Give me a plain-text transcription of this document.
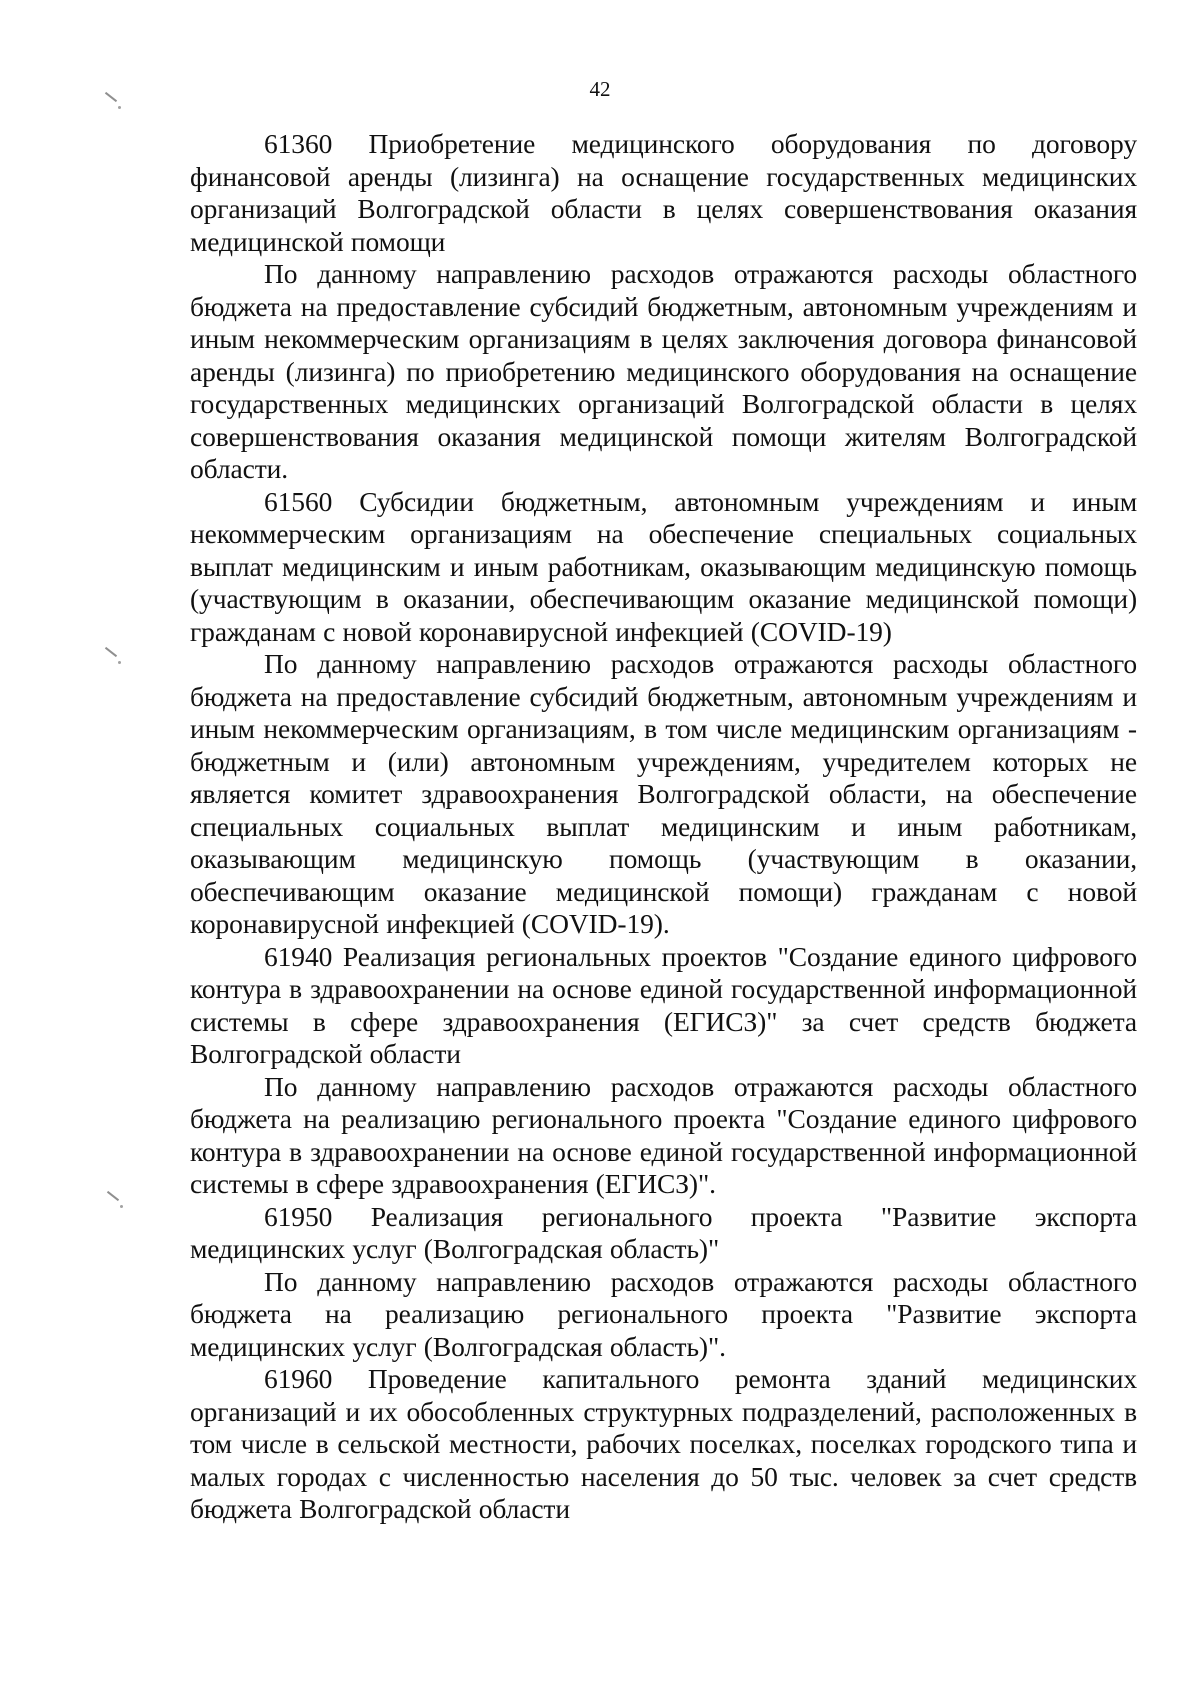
42

61360 Приобретение медицинского оборудования по договору финансовой аренды (лизинга) на оснащение государственных медицинских организаций Волгоградской области в целях совершенствования оказания медицинской помощи

По данному направлению расходов отражаются расходы областного бюджета на предоставление субсидий бюджетным, автономным учреждениям и иным некоммерческим организациям в целях заключения договора финансовой аренды (лизинга) по приобретению медицинского оборудования на оснащение государственных медицинских организаций Волгоградской области в целях совершенствования оказания медицинской помощи жителям Волгоградской области.

61560 Субсидии бюджетным, автономным учреждениям и иным некоммерческим организациям на обеспечение специальных социальных выплат медицинским и иным работникам, оказывающим медицинскую помощь (участвующим в оказании, обеспечивающим оказание медицинской помощи) гражданам с новой коронавирусной инфекцией (COVID-19)

По данному направлению расходов отражаются расходы областного бюджета на предоставление субсидий бюджетным, автономным учреждениям и иным некоммерческим организациям, в том числе медицинским организациям - бюджетным и (или) автономным учреждениям, учредителем которых не является комитет здравоохранения Волгоградской области, на обеспечение специальных социальных выплат медицинским и иным работникам, оказывающим медицинскую помощь (участвующим в оказании, обеспечивающим оказание медицинской помощи) гражданам с новой коронавирусной инфекцией (COVID-19).

61940 Реализация региональных проектов "Создание единого цифрового контура в здравоохранении на основе единой государственной информационной системы в сфере здравоохранения (ЕГИСЗ)" за счет средств бюджета Волгоградской области

По данному направлению расходов отражаются расходы областного бюджета на реализацию регионального проекта "Создание единого цифрового контура в здравоохранении на основе единой государственной информационной системы в сфере здравоохранения (ЕГИСЗ)".

61950 Реализация регионального проекта "Развитие экспорта медицинских услуг (Волгоградская область)"

По данному направлению расходов отражаются расходы областного бюджета на реализацию регионального проекта "Развитие экспорта медицинских услуг (Волгоградская область)".

61960 Проведение капитального ремонта зданий медицинских организаций и их обособленных структурных подразделений, расположенных в том числе в сельской местности, рабочих поселках, поселках городского типа и малых городах с численностью населения до 50 тыс. человек за счет средств бюджета Волгоградской области
